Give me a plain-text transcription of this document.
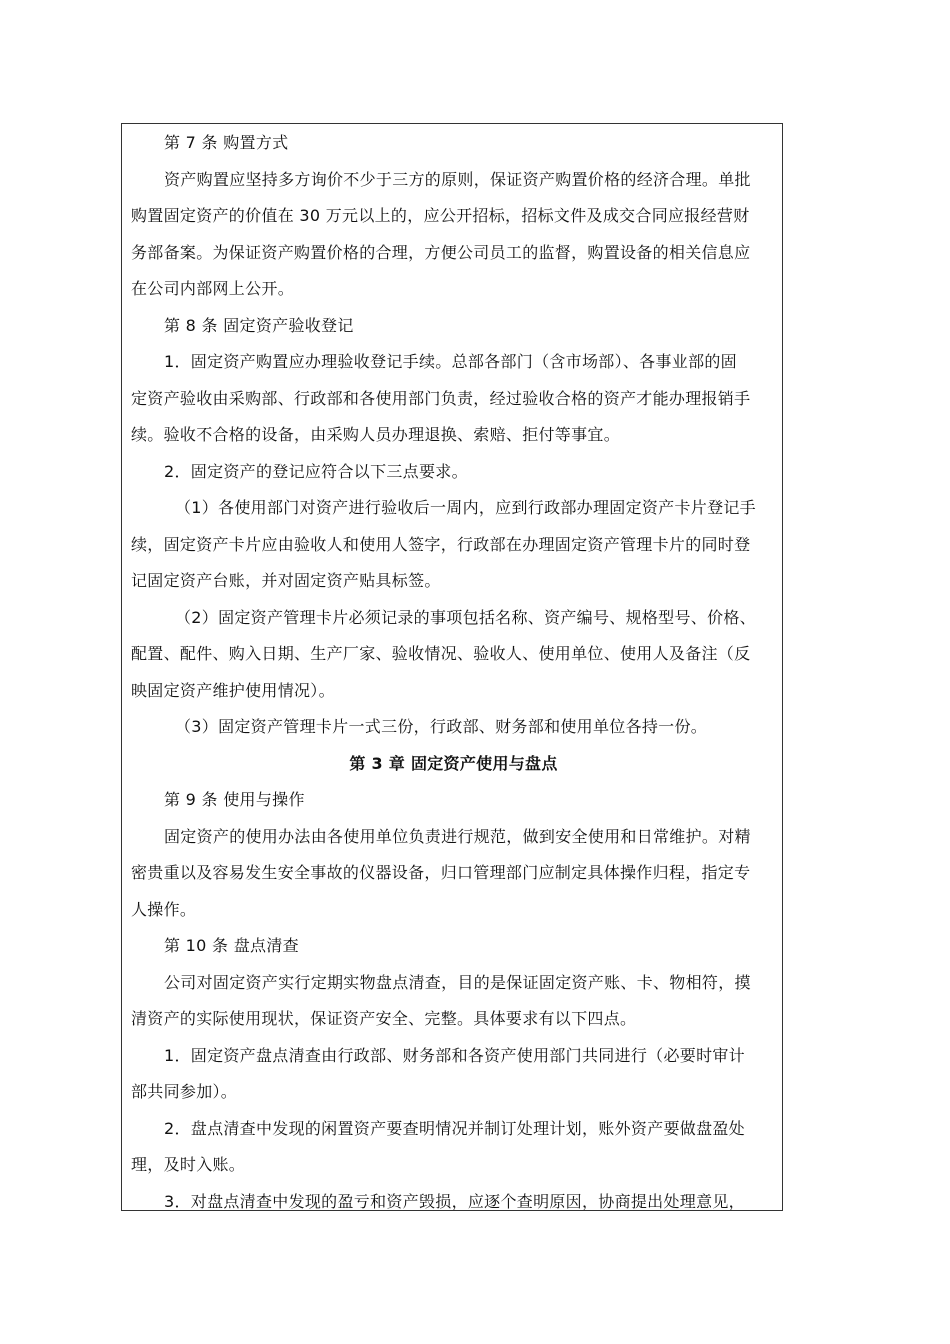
第 7 条 购置方式
资产购置应坚持多方询价不少于三方的原则，保证资产购置价格的经济合理。单批
购置固定资产的价值在 30 万元以上的，应公开招标，招标文件及成交合同应报经营财
务部备案。为保证资产购置价格的合理，方便公司员工的监督，购置设备的相关信息应
在公司内部网上公开。
第 8 条 固定资产验收登记
1．固定资产购置应办理验收登记手续。总部各部门（含市场部）、各事业部的固
定资产验收由采购部、行政部和各使用部门负责，经过验收合格的资产才能办理报销手
续。验收不合格的设备，由采购人员办理退换、索赔、拒付等事宜。
2．固定资产的登记应符合以下三点要求。
（1）各使用部门对资产进行验收后一周内，应到行政部办理固定资产卡片登记手
续，固定资产卡片应由验收人和使用人签字，行政部在办理固定资产管理卡片的同时登
记固定资产台账，并对固定资产贴具标签。
（2）固定资产管理卡片必须记录的事项包括名称、资产编号、规格型号、价格、
配置、配件、购入日期、生产厂家、验收情况、验收人、使用单位、使用人及备注（反
映固定资产维护使用情况）。
（3）固定资产管理卡片一式三份，行政部、财务部和使用单位各持一份。
第 3 章 固定资产使用与盘点
第 9 条 使用与操作
固定资产的使用办法由各使用单位负责进行规范，做到安全使用和日常维护。对精
密贵重以及容易发生安全事故的仪器设备，归口管理部门应制定具体操作归程，指定专
人操作。
第 10 条 盘点清查
公司对固定资产实行定期实物盘点清查，目的是保证固定资产账、卡、物相符，摸
清资产的实际使用现状，保证资产安全、完整。具体要求有以下四点。
1．固定资产盘点清查由行政部、财务部和各资产使用部门共同进行（必要时审计
部共同参加）。
2．盘点清查中发现的闲置资产要查明情况并制订处理计划，账外资产要做盘盈处
理，及时入账。
3．对盘点清查中发现的盈亏和资产毁损，应逐个查明原因，协商提出处理意见，
